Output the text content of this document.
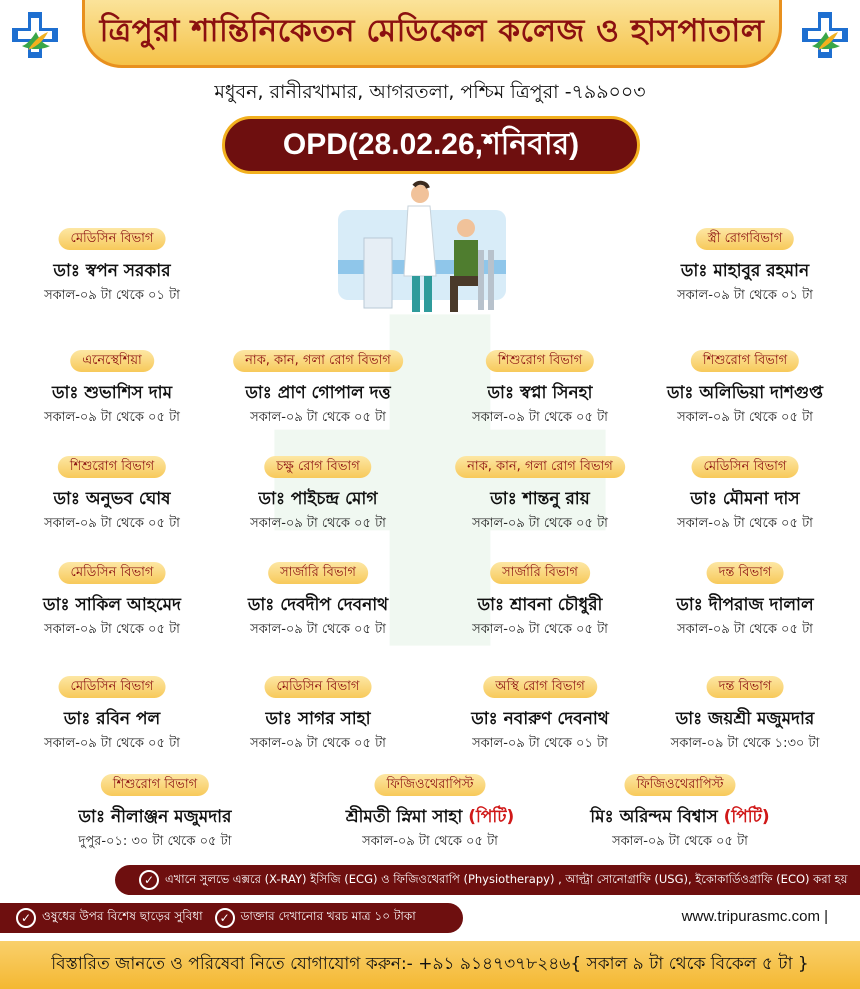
ত্রিপুরা শান্তিনিকেতন মেডিকেল কলেজ ও হাসপাতাল
মধুবন, রানীরখামার, আগরতলা, পশ্চিম ত্রিপুরা -৭৯৯০০৩
OPD(28.02.26,শনিবার)
মেডিসিন বিভাগ
ডাঃ স্বপন সরকার
সকাল-০৯ টা থেকে ০১ টা
স্ত্রী রোগবিভাগ
ডাঃ মাহাবুর রহমান
সকাল-০৯ টা থেকে ০১ টা
এনেস্থেশিয়া
ডাঃ শুভাশিস দাম
সকাল-০৯ টা থেকে ০৫ টা
নাক, কান, গলা রোগ বিভাগ
ডাঃ প্রাণ গোপাল দত্ত
সকাল-০৯ টা থেকে ০৫ টা
শিশুরোগ বিভাগ
ডাঃ স্বপ্না সিনহা
সকাল-০৯ টা থেকে ০৫ টা
শিশুরোগ বিভাগ
ডাঃ অলিভিয়া দাশগুপ্ত
সকাল-০৯ টা থেকে ০৫ টা
শিশুরোগ বিভাগ
ডাঃ অনুভব ঘোষ
সকাল-০৯ টা থেকে ০৫ টা
চক্ষু রোগ বিভাগ
ডাঃ পাইচন্দ্র মোগ
সকাল-০৯ টা থেকে ০৫ টা
নাক, কান, গলা রোগ বিভাগ
ডাঃ শান্তনু রায়
সকাল-০৯ টা থেকে ০৫ টা
মেডিসিন বিভাগ
ডাঃ মৌমনা দাস
সকাল-০৯ টা থেকে ০৫ টা
মেডিসিন বিভাগ
ডাঃ সাকিল আহমেদ
সকাল-০৯ টা থেকে ০৫ টা
সার্জারি বিভাগ
ডাঃ দেবদীপ দেবনাথ
সকাল-০৯ টা থেকে ০৫ টা
সার্জারি বিভাগ
ডাঃ শ্রাবনা চৌধুরী
সকাল-০৯ টা থেকে ০৫ টা
দন্ত বিভাগ
ডাঃ দীপরাজ দালাল
সকাল-০৯ টা থেকে ০৫ টা
মেডিসিন বিভাগ
ডাঃ রবিন পল
সকাল-০৯ টা থেকে ০৫ টা
মেডিসিন বিভাগ
ডাঃ সাগর সাহা
সকাল-০৯ টা থেকে ০৫ টা
অস্থি রোগ বিভাগ
ডাঃ নবারুণ দেবনাথ
সকাল-০৯ টা থেকে ০১ টা
দন্ত বিভাগ
ডাঃ জয়শ্রী মজুমদার
সকাল-০৯ টা থেকে ১:৩০ টা
শিশুরোগ বিভাগ
ডাঃ নীলাঞ্জন মজুমদার
দুপুর-০১: ৩০ টা থেকে ০৫ টা
ফিজিওথেরাপিস্ট
শ্রীমতী স্নিমা সাহা (পিটি)
সকাল-০৯ টা থেকে ০৫ টা
ফিজিওথেরাপিস্ট
মিঃ অরিন্দম বিশ্বাস (পিটি)
সকাল-০৯ টা থেকে ০৫ টা
✓ এখানে সুলভে এক্সরে (X-RAY) ইসিজি (ECG) ও ফিজিওথেরাপি (Physiotherapy) , আল্ট্রা সোনোগ্রাফি (USG), ইকোকার্ডিওগ্রাফি (ECO) করা হয়
✓ ওষুধের উপর বিশেষ ছাড়ের সুবিধা	✓ ডাক্তার দেখানোর খরচ মাত্র ১০ টাকা	www.tripurasmc.com |
বিস্তারিত জানতে ও পরিষেবা নিতে যোগাযোগ করুন:- +৯১ ৯১৪৭৩৭৮২৪৬{ সকাল ৯ টা থেকে বিকেল ৫ টা }
